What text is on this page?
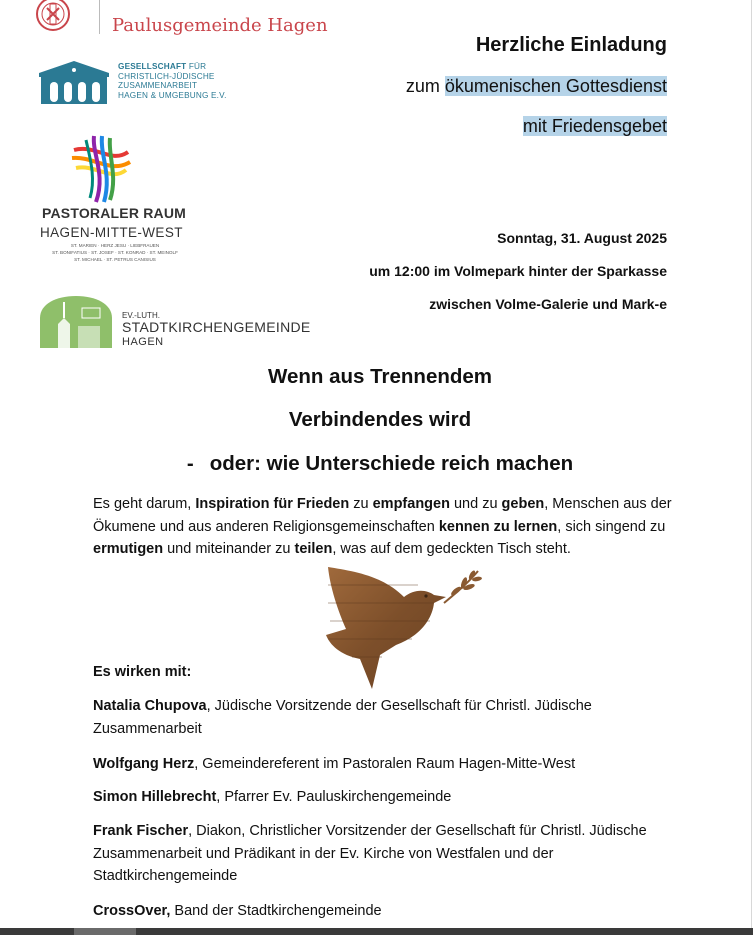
Paulusgemeinde Hagen
GESELLSCHAFT FÜR
CHRISTLICH-JÜDISCHE
ZUSAMMENARBEIT
HAGEN & UMGEBUNG E.V.
PASTORALER RAUM
HAGEN-MITTE-WEST
ST. MARIEN · HERZ JESU · LIEBFRAUEN
ST. BONIFATIUS · ST. JOSEF · ST. KONRAD · ST. MEINOLF
ST. MICHAEL · ST. PETRUS CANISIUS
EV.-LUTH.
STADTKIRCHENGEMEINDE
HAGEN
Herzliche Einladung
zum ökumenischen Gottesdienst
mit Friedensgebet
Sonntag, 31. August 2025
um 12:00 im Volmepark hinter der Sparkasse
zwischen Volme-Galerie und Mark-e
Wenn aus Trennendem
Verbindendes wird
- oder: wie Unterschiede reich machen
Es geht darum, Inspiration für Frieden zu empfangen und zu geben, Menschen aus der Ökumene und aus anderen Religionsgemeinschaften kennen zu lernen, sich singend zu ermutigen und miteinander zu teilen, was auf dem gedeckten Tisch steht.
Es wirken mit:
Natalia Chupova, Jüdische Vorsitzende der Gesellschaft für Christl. Jüdische Zusammenarbeit
Wolfgang Herz, Gemeindereferent im Pastoralen Raum Hagen-Mitte-West
Simon Hillebrecht, Pfarrer Ev. Pauluskirchengemeinde
Frank Fischer, Diakon, Christlicher Vorsitzender der Gesellschaft für Christl. Jüdische Zusammenarbeit und Prädikant in der Ev. Kirche von Westfalen und der Stadtkirchengemeinde
CrossOver, Band der Stadtkirchengemeinde
